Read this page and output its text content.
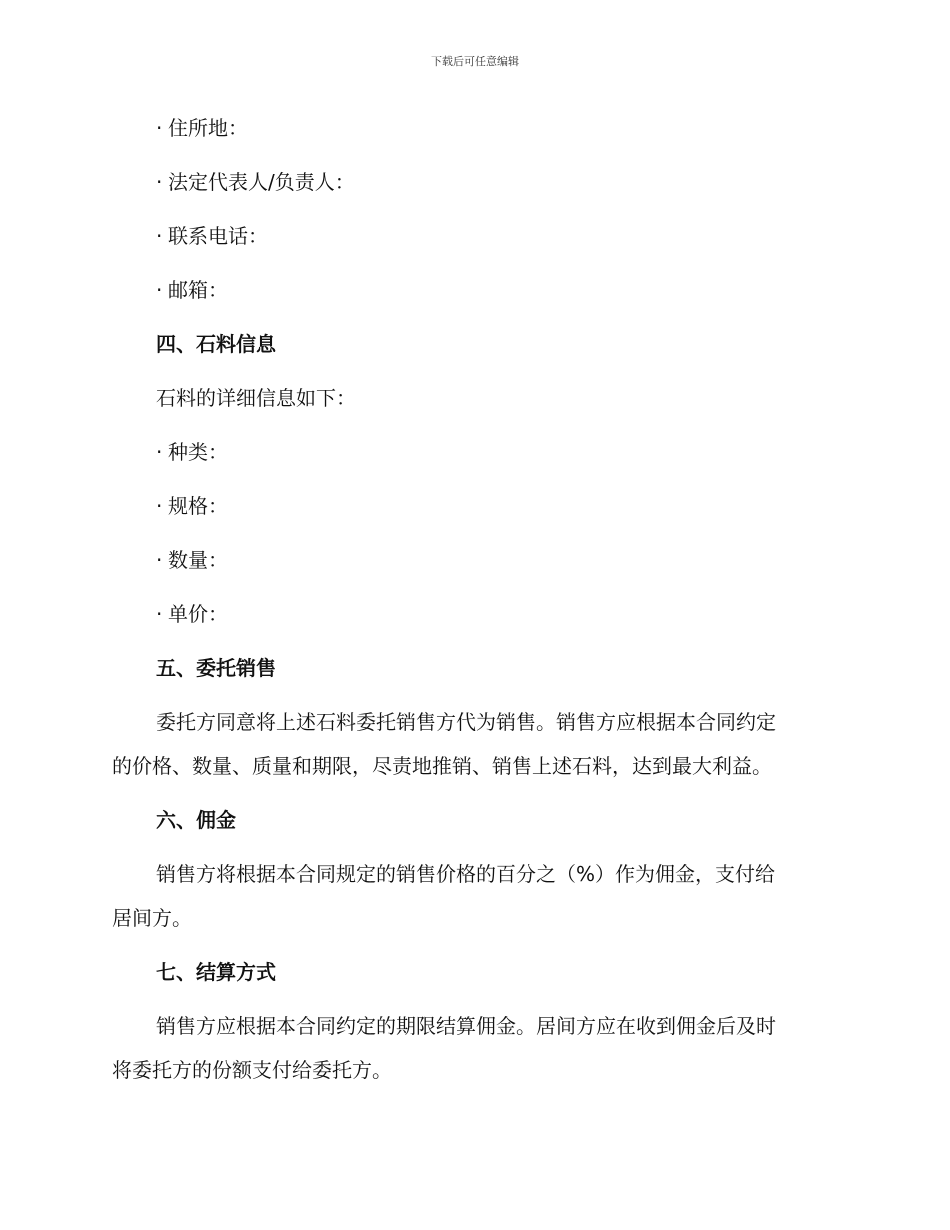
下载后可任意编辑

· 住所地：

· 法定代表人/负责人：

· 联系电话：

· 邮箱：

四、石料信息

石料的详细信息如下：

· 种类：

· 规格：

· 数量：

· 单价：

五、委托销售

委托方同意将上述石料委托销售方代为销售。销售方应根据本合同约定
的价格、数量、质量和期限，尽责地推销、销售上述石料，达到最大利益。

六、佣金

销售方将根据本合同规定的销售价格的百分之（%）作为佣金，支付给
居间方。

七、结算方式

销售方应根据本合同约定的期限结算佣金。居间方应在收到佣金后及时
将委托方的份额支付给委托方。
